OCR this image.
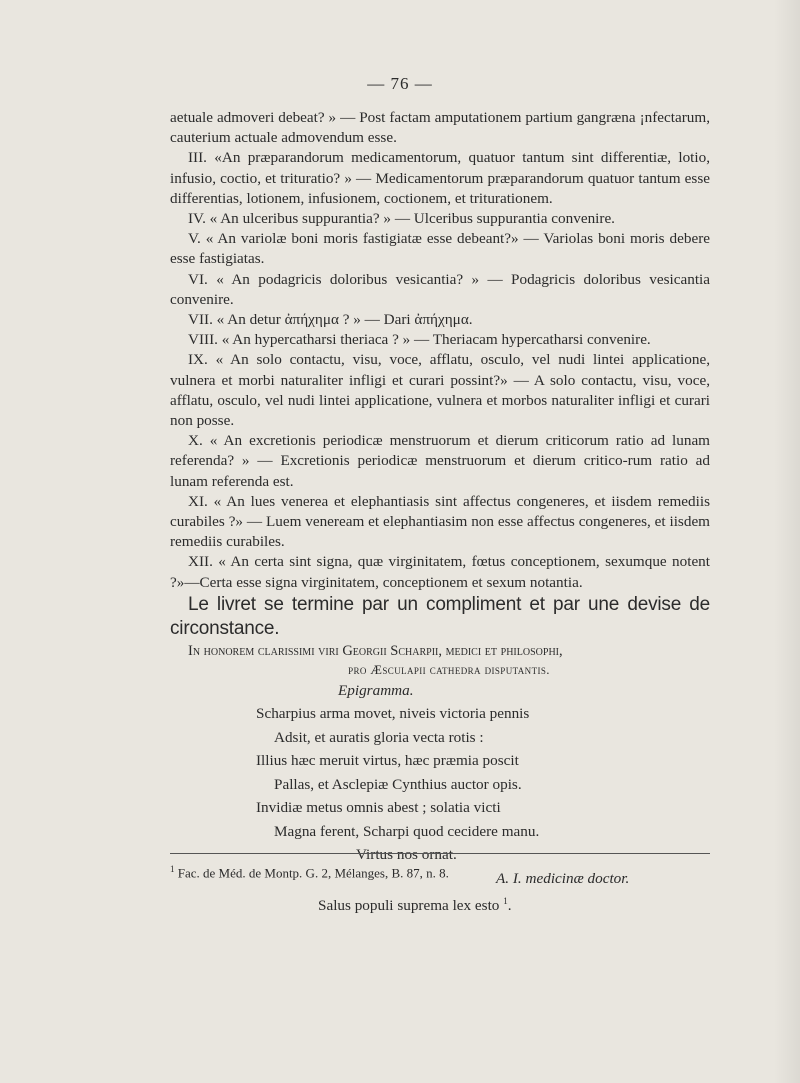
— 76 —

aetuale admoveri debeat? » — Post factam amputationem partium gangræna ¡nfectarum, cauterium actuale admovendum esse.

III. «An præparandorum medicamentorum, quatuor tantum sint differentiæ, lotio, infusio, coctio, et trituratio? » — Medicamentorum præparandorum quatuor tantum esse differentias, lotionem, infusionem, coctionem, et triturationem.

IV. « An ulceribus suppurantia? » — Ulceribus suppurantia convenire.

V. « An variolæ boni moris fastigiatæ esse debeant?» — Variolas boni moris debere esse fastigiatas.

VI. « An podagricis doloribus vesicantia? » — Podagricis doloribus vesicantia convenire.

VII. « An detur ἀπήχημα ? » — Dari ἀπήχημα.

VIII. « An hypercatharsi theriaca ? » — Theriacam hypercatharsi convenire.

IX. « An solo contactu, visu, voce, afflatu, osculo, vel nudi lintei applicatione, vulnera et morbi naturaliter infligi et curari possint?» — A solo contactu, visu, voce, afflatu, osculo, vel nudi lintei applicatione, vulnera et morbos naturaliter infligi et curari non posse.

X. « An excretionis periodicæ menstruorum et dierum criticorum ratio ad lunam referenda? » — Excretionis periodicæ menstruorum et dierum critico-rum ratio ad lunam referenda est.

XI. « An lues venerea et elephantiasis sint affectus congeneres, et iisdem remediis curabiles ?» — Luem veneream et elephantiasim non esse affectus congeneres, et iisdem remediis curabiles.

XII. « An certa sint signa, quæ virginitatem, fœtus conceptionem, sexumque notent ?»—Certa esse signa virginitatem, conceptionem et sexum notantia.

Le livret se termine par un compliment et par une devise de circonstance.

In honorem clarissimi viri Georgii Scharpii, medici et philosophi,

pro Æsculapii cathedra disputantis.

Epigramma.
Scharpius arma movet, niveis victoria pennis
Adsit, et auratis gloria vecta rotis :
Illius hæc meruit virtus, hæc præmia poscit
Pallas, et Asclepiæ Cynthius auctor opis.
Invidiæ metus omnis abest ; solatia victi
Magna ferent, Scharpi quod cecidere manu.
Virtus nos ornat.
A. I. medicinæ doctor.
Salus populi suprema lex esto $^1$.
$^1$ Fac. de Méd. de Montp. G. 2, Mélanges, B. 87, n. 8.
